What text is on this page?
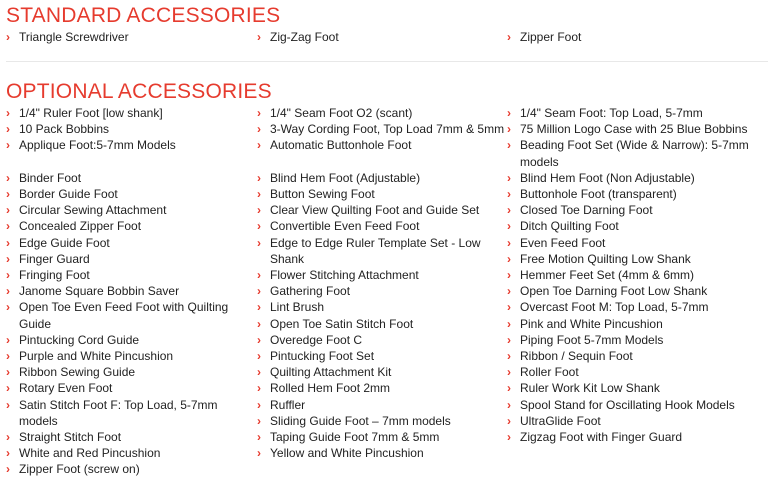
STANDARD ACCESSORIES
› Triangle Screwdriver	› Zig-Zag Foot	› Zipper Foot
OPTIONAL ACCESSORIES
› 1/4" Ruler Foot [low shank]
› 10 Pack Bobbins
› Applique Foot:5-7mm Models
› Binder Foot
› Border Guide Foot
› Circular Sewing Attachment
› Concealed Zipper Foot
› Edge Guide Foot
› Finger Guard
› Fringing Foot
› Janome Square Bobbin Saver
› Open Toe Even Feed Foot with Quilting Guide
› Pintucking Cord Guide
› Purple and White Pincushion
› Ribbon Sewing Guide
› Rotary Even Foot
› Satin Stitch Foot F: Top Load, 5-7mm models
› Straight Stitch Foot
› White and Red Pincushion
› Zipper Foot (screw on)
› 1/4" Seam Foot O2 (scant)
› 3-Way Cording Foot, Top Load 7mm & 5mm
› Automatic Buttonhole Foot
› Blind Hem Foot (Adjustable)
› Button Sewing Foot
› Clear View Quilting Foot and Guide Set
› Convertible Even Feed Foot
› Edge to Edge Ruler Template Set - Low Shank
› Flower Stitching Attachment
› Gathering Foot
› Lint Brush
› Open Toe Satin Stitch Foot
› Overedge Foot C
› Pintucking Foot Set
› Quilting Attachment Kit
› Rolled Hem Foot 2mm
› Ruffler
› Sliding Guide Foot – 7mm models
› Taping Guide Foot 7mm & 5mm
› Yellow and White Pincushion
› 1/4" Seam Foot: Top Load, 5-7mm
› 75 Million Logo Case with 25 Blue Bobbins
› Beading Foot Set (Wide & Narrow): 5-7mm models
› Blind Hem Foot (Non Adjustable)
› Buttonhole Foot (transparent)
› Closed Toe Darning Foot
› Ditch Quilting Foot
› Even Feed Foot
› Free Motion Quilting Low Shank
› Hemmer Feet Set (4mm & 6mm)
› Open Toe Darning Foot Low Shank
› Overcast Foot M: Top Load, 5-7mm
› Pink and White Pincushion
› Piping Foot 5-7mm Models
› Ribbon / Sequin Foot
› Roller Foot
› Ruler Work Kit Low Shank
› Spool Stand for Oscillating Hook Models
› UltraGlide Foot
› Zigzag Foot with Finger Guard
